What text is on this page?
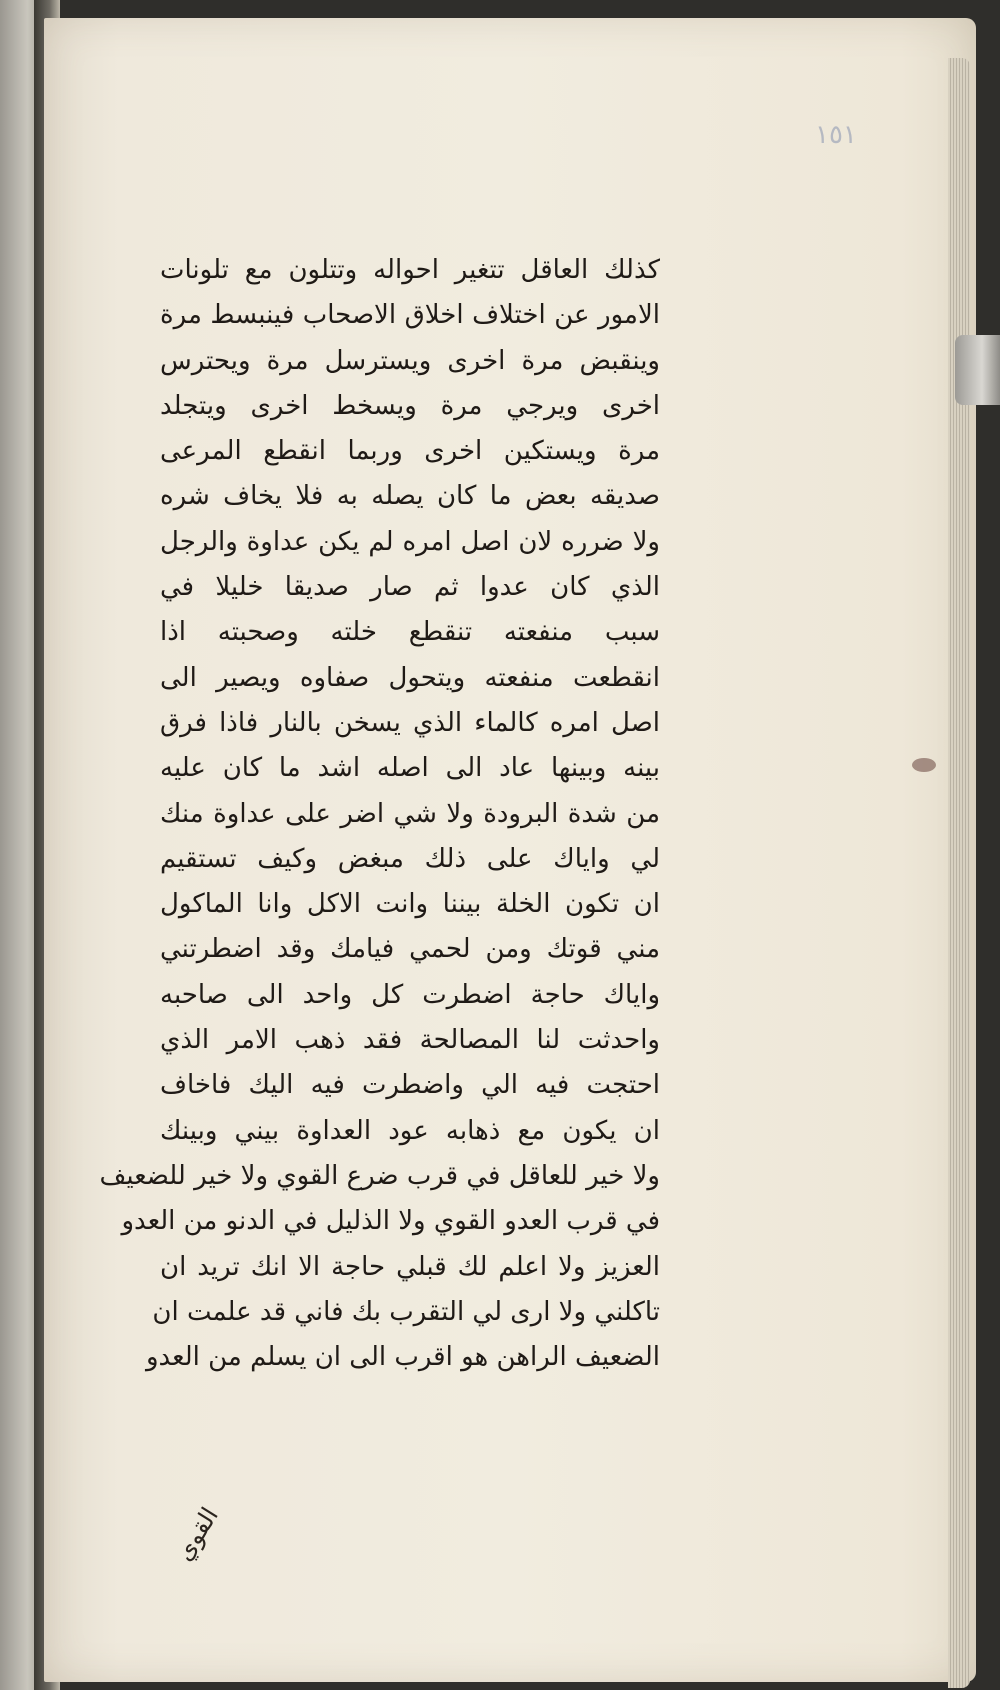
١٥١
كذلك العاقل تتغير احواله وتتلون مع تلونات
الامور عن اختلاف اخلاق الاصحاب فينبسط مرة
وينقبض مرة اخرى ويسترسل مرة ويحترس
اخرى ويرجي مرة ويسخط اخرى ويتجلد
مرة ويستكين اخرى وربما انقطع المرعى
صديقه بعض ما كان يصله به فلا يخاف شره
ولا ضرره لان اصل امره لم يكن عداوة والرجل
الذي كان عدوا ثم صار صديقا خليلا في
سبب منفعته تنقطع خلته وصحبته اذا
انقطعت منفعته ويتحول صفاوه ويصير الى
اصل امره كالماء الذي يسخن بالنار فاذا فرق
بينه وبينها عاد الى اصله اشد ما كان عليه
من شدة البرودة ولا شي اضر على عداوة منك
لي واياك على ذلك مبغض وكيف تستقيم
ان تكون الخلة بيننا وانت الاكل وانا الماكول
مني قوتك ومن لحمي فيامك وقد اضطرتني
واياك حاجة اضطرت كل واحد الى صاحبه
واحدثت لنا المصالحة فقد ذهب الامر الذي
احتجت فيه الي واضطرت فيه اليك فاخاف
ان يكون مع ذهابه عود العداوة بيني وبينك
ولا خير للعاقل في قرب ضرع القوي ولا خير للضعيف
في قرب العدو القوي ولا الذليل في الدنو من العدو
العزيز ولا اعلم لك قبلي حاجة الا انك تريد ان
تاكلني ولا ارى لي التقرب بك فاني قد علمت ان
الضعيف الراهن هو اقرب الى ان يسلم من العدو
القوي
